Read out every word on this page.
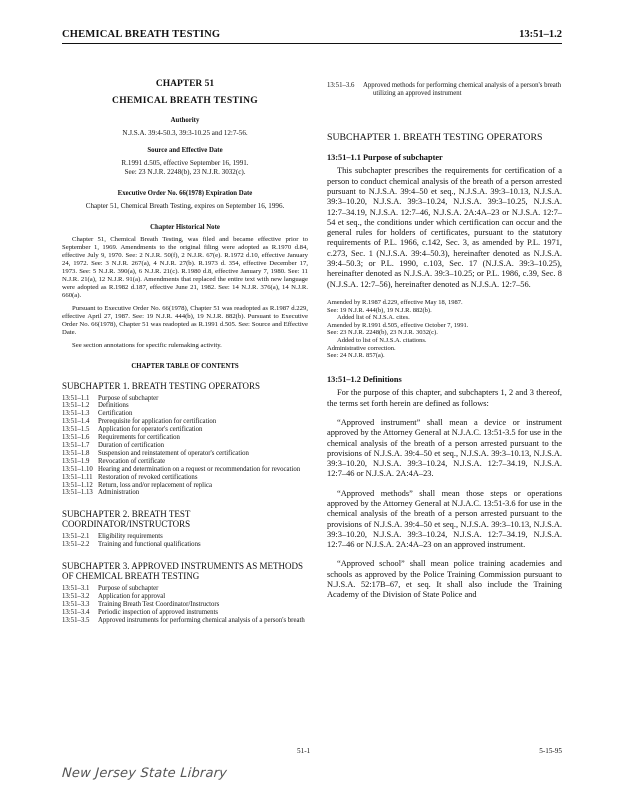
CHEMICAL BREATH TESTING	13:51–1.2
CHAPTER 51
CHEMICAL BREATH TESTING
Authority
N.J.S.A. 39:4-50.3, 39:3-10.25 and 12:7-56.
Source and Effective Date
R.1991 d.505, effective September 16, 1991.
See: 23 N.J.R. 2248(b), 23 N.J.R. 3032(c).
Executive Order No. 66(1978) Expiration Date
Chapter 51, Chemical Breath Testing, expires on September 16, 1996.
Chapter Historical Note

Chapter 51, Chemical Breath Testing, was filed and became effective prior to September 1, 1969. Amendments to the original filing were adopted as R.1970 d.84, effective July 9, 1970. See: 2 N.J.R. 50(f), 2 N.J.R. 67(e). R.1972 d.10, effective January 24, 1972. See: 3 N.J.R. 267(a), 4 N.J.R. 27(b). R.1973 d. 354, effective December 17, 1973. See: 5 N.J.R. 390(a), 6 N.J.R. 21(c). R.1980 d.8, effective January 7, 1980. See: 11 N.J.R. 21(a), 12 N.J.R. 91(a). Amendments that replaced the entire text with new language were adopted as R.1982 d.187, effective June 21, 1982. See: 14 N.J.R. 376(a), 14 N.J.R. 660(a).

Pursuant to Executive Order No. 66(1978), Chapter 51 was readopted as R.1987 d.229, effective April 27, 1987. See: 19 N.J.R. 444(b), 19 N.J.R. 882(b). Pursuant to Executive Order No. 66(1978), Chapter 51 was readopted as R.1991 d.505. See: Source and Effective Date.

See section annotations for specific rulemaking activity.

CHAPTER TABLE OF CONTENTS
SUBCHAPTER 1. BREATH TESTING OPERATORS
13:51–1.1	Purpose of subchapter
13:51–1.2	Definitions
13:51–1.3	Certification
13:51–1.4	Prerequisite for application for certification
13:51–1.5	Application for operator's certification
13:51–1.6	Requirements for certification
13:51–1.7	Duration of certification
13:51–1.8	Suspension and reinstatement of operator's certification
13:51–1.9	Revocation of certificate
13:51–1.10 Hearing and determination on a request or recommendation for revocation
13:51–1.11 Restoration of revoked certifications
13:51–1.12 Return, loss and/or replacement of replica
13:51–1.13 Administration
SUBCHAPTER 2. BREATH TEST COORDINATOR/INSTRUCTORS
13:51–2.1	Eligibility requirements
13:51–2.2	Training and functional qualifications
SUBCHAPTER 3. APPROVED INSTRUMENTS AS METHODS OF CHEMICAL BREATH TESTING
13:51–3.1	Purpose of subchapter
13:51–3.2	Application for approval
13:51–3.3	Training Breath Test Coordinator/Instructors
13:51–3.4	Periodic inspection of approved instruments
13:51–3.5	Approved instruments for performing chemical analysis of a person's breath
13:51–3.6	Approved methods for performing chemical analysis of a person's breath utilizing an approved instrument
SUBCHAPTER 1. BREATH TESTING OPERATORS
13:51–1.1 Purpose of subchapter

This subchapter prescribes the requirements for certification of a person to conduct chemical analysis of the breath of a person arrested pursuant to N.J.S.A. 39:4–50 et seq., N.J.S.A. 39:3–10.13, N.J.S.A. 39:3–10.20, N.J.S.A. 39:3–10.24, N.J.S.A. 39:3–10.25, N.J.S.A. 12:7–34.19, N.J.S.A. 12:7–46, N.J.S.A. 2A:4A–23 or N.J.S.A. 12:7–54 et seq., the conditions under which certification can occur and the general rules for holders of certificates, pursuant to the statutory requirements of P.L. 1966, c.142, Sec. 3, as amended by P.L. 1971, c.273, Sec. 1 (N.J.S.A. 39:4–50.3), hereinafter denoted as N.J.S.A. 39:4–50.3; or P.L. 1990, c.103, Sec. 17 (N.J.S.A. 39:3–10.25), hereinafter denoted as N.J.S.A. 39:3–10.25; or P.L. 1986, c.39, Sec. 8 (N.J.S.A. 12:7–56), hereinafter denoted as N.J.S.A. 12:7–56.

Amended by R.1987 d.229, effective May 18, 1987.
See: 19 N.J.R. 444(b), 19 N.J.R. 882(b).
Added list of N.J.S.A. cites.
Amended by R.1991 d.505, effective October 7, 1991.
See: 23 N.J.R. 2248(b), 23 N.J.R. 3032(c).
Added to list of N.J.S.A. citations.
Administrative correction.
See: 24 N.J.R. 857(a).
13:51–1.2 Definitions

For the purpose of this chapter, and subchapters 1, 2 and 3 thereof, the terms set forth herein are defined as follows:

“Approved instrument” shall mean a device or instrument approved by the Attorney General at N.J.A.C. 13:51-3.5 for use in the chemical analysis of the breath of a person arrested pursuant to the provisions of N.J.S.A. 39:4–50 et seq., N.J.S.A. 39:3–10.13, N.J.S.A. 39:3–10.20, N.J.S.A. 39:3–10.24, N.J.S.A. 12:7–34.19, N.J.S.A. 12:7–46 or N.J.S.A. 2A:4A–23.

“Approved methods” shall mean those steps or operations approved by the Attorney General at N.J.A.C. 13:51-3.6 for use in the chemical analysis of the breath of a person arrested pursuant to the provisions of N.J.S.A. 39:4–50 et seq., N.J.S.A. 39:3–10.13, N.J.S.A. 39:3–10.20, N.J.S.A. 39:3–10.24, N.J.S.A. 12:7–34.19, N.J.S.A. 12:7–46 or N.J.S.A. 2A:4A–23 on an approved instrument.

“Approved school” shall mean police training academies and schools as approved by the Police Training Commission pursuant to N.J.S.A. 52:17B–67, et seq. It shall also include the Training Academy of the Division of State Police and

51-1	5-15-95
New Jersey State Library
